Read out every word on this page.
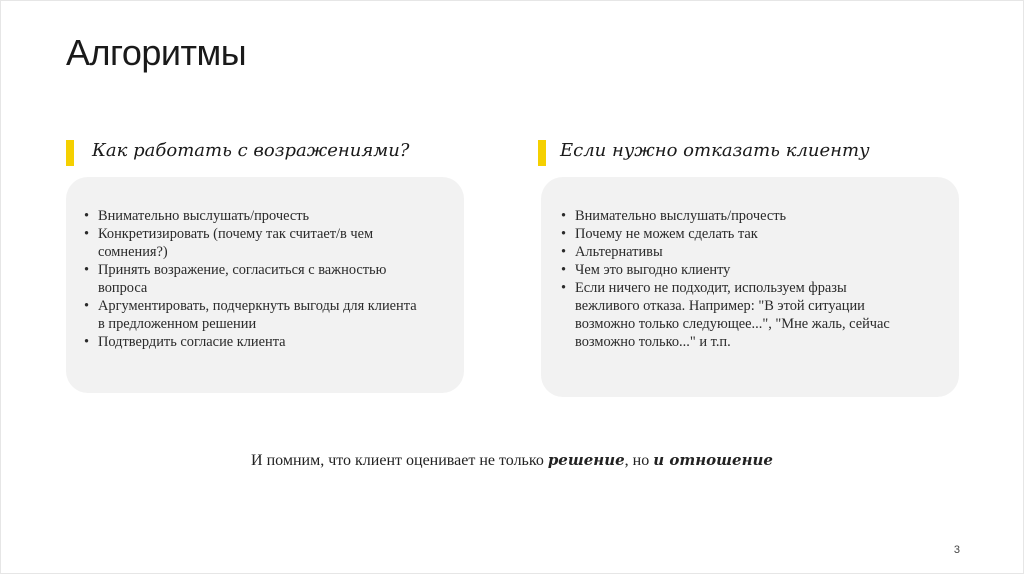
Алгоритмы
Как работать с возражениями?
• Внимательно выслушать/прочесть
• Конкретизировать (почему так считает/в чем сомнения?)
• Принять возражение, согласиться с важностью вопроса
• Аргументировать, подчеркнуть выгоды для клиента в предложенном решении
• Подтвердить согласие клиента
Если нужно отказать клиенту
• Внимательно выслушать/прочесть
• Почему не можем сделать так
• Альтернативы
• Чем это выгодно клиенту
• Если ничего не подходит, используем фразы вежливого отказа. Например: "В этой ситуации возможно только следующее...", "Мне жаль, сейчас возможно только..." и т.п.
И помним, что клиент оценивает не только решение, но и отношение
3
